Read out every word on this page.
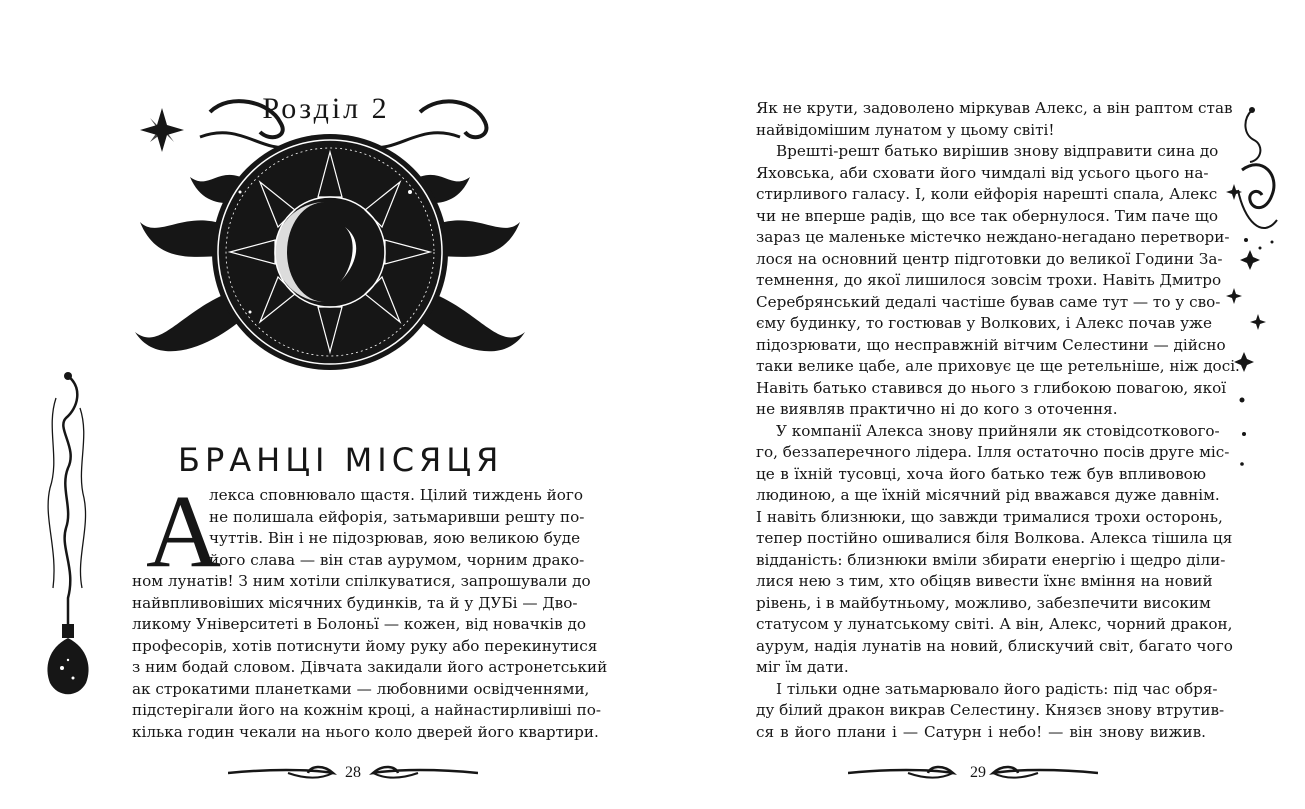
Розділ 2
БРАНЦІ МІСЯЦЯ
А
лекса сповнювало щастя. Цілий тиждень його
не полишала ейфорія, затьмаривши решту по-
чуттів. Він і не підозрював, яою великою буде
його слава — він став аурумом, чорним драко-
ном лунатів! З ним хотіли спілкуватися, запрошували до
найвпливовіших місячних будинків, та й у ДУБі — Дво-
ликому Університеті в Болоньї — кожен, від новачків до
професорів, хотів потиснути йому руку або перекинутися
з ним бодай словом. Дівчата закидали його астронетський
ак строкатими планетками — любовними освідченнями,
підстерігали його на кожнім кроці, а найнастирливіші по-
кілька годин чекали на нього коло дверей його квартири.
28
Як не крути, задоволено міркував Алекс, а він раптом став
найвідомішим лунатом у цьому світі!
Врешті-решт батько вирішив знову відправити сина до
Яховська, аби сховати його чимдалі від усього цього на-
стирливого галасу. І, коли ейфорія нарешті спала, Алекс
чи не вперше радів, що все так обернулося. Тим паче що
зараз це маленьке містечко неждано-негадано перетвори-
лося на основний центр підготовки до великої Години За-
темнення, до якої лишилося зовсім трохи. Навіть Дмитро
Серебрянський дедалі частіше бував саме тут — то у сво-
єму будинку, то гостював у Волкових, і Алекс почав уже
підозрювати, що несправжній вітчим Селестини — дійсно
таки велике цабе, але приховує це ще ретельніше, ніж досі.
Навіть батько ставився до нього з глибокою повагою, якої
не виявляв практично ні до кого з оточення.
У компанії Алекса знову прийняли як стовідсоткового-
го, беззаперечного лідера. Ілля остаточно посів друге міс-
це в їхній тусовці, хоча його батько теж був впливовою
людиною, а ще їхній місячний рід вважався дуже давнім.
І навіть близнюки, що завжди трималися трохи осторонь,
тепер постійно ошивалися біля Волкова. Алекса тішила ця
відданість: близнюки вміли збирати енергію і щедро діли-
лися нею з тим, хто обіцяв вивести їхнє вміння на новий
рівень, і в майбутньому, можливо, забезпечити високим
статусом у лунатському світі. А він, Алекс, чорний дракон,
аурум, надія лунатів на новий, блискучий світ, багато чого
міг їм дати.
І тільки одне затьмарювало його радість: під час обря-
ду білий дракон викрав Селестину. Князєв знову втрутив-
ся в його плани і — Сатурн і небо! — він знову вижив.
29
